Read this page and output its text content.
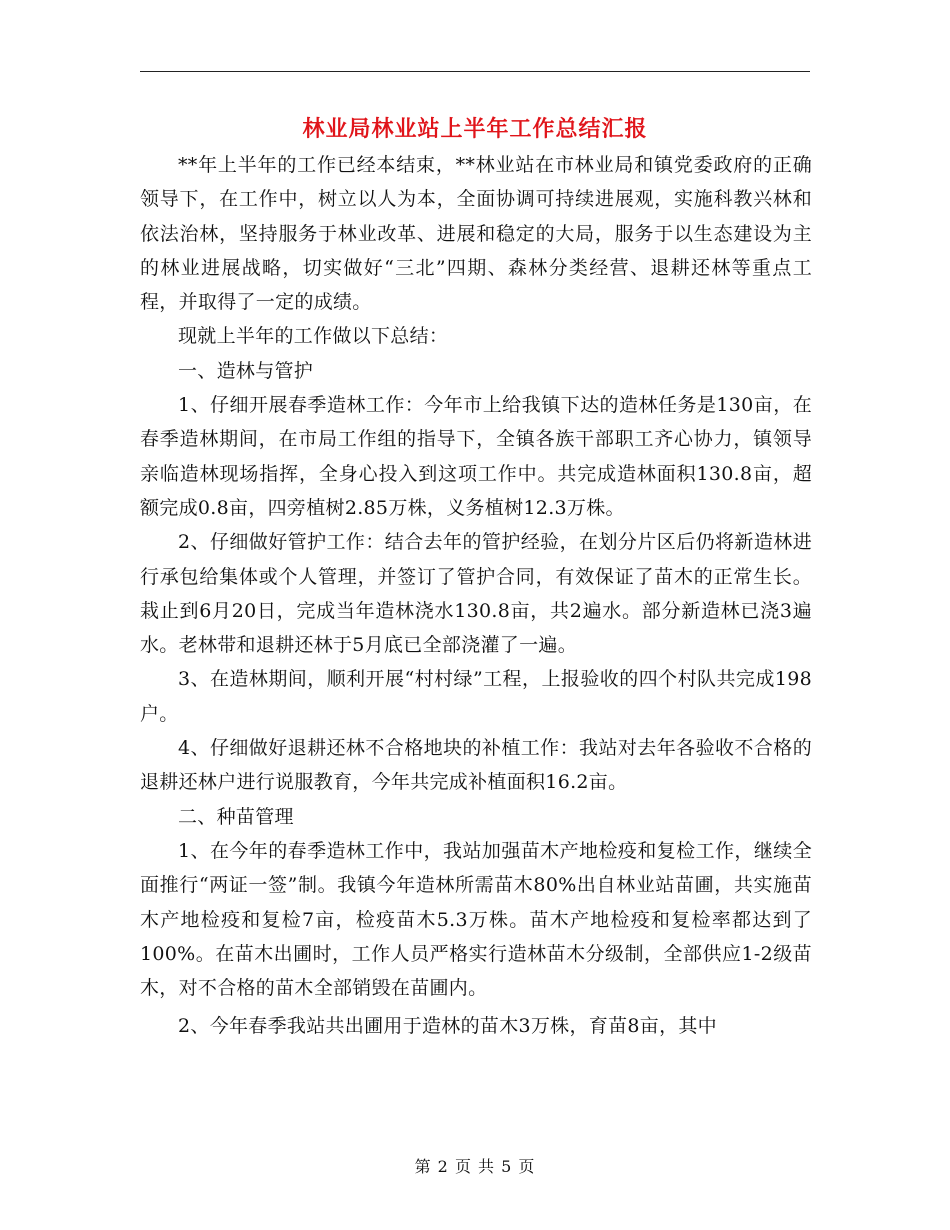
林业局林业站上半年工作总结汇报

**年上半年的工作已经本结束，**林业站在市林业局和镇党委政府的正确领导下，在工作中，树立以人为本，全面协调可持续进展观，实施科教兴林和依法治林，坚持服务于林业改革、进展和稳定的大局，服务于以生态建设为主的林业进展战略，切实做好“三北”四期、森林分类经营、退耕还林等重点工程，并取得了一定的成绩。

现就上半年的工作做以下总结：

一、造林与管护

1、仔细开展春季造林工作：今年市上给我镇下达的造林任务是130亩，在春季造林期间，在市局工作组的指导下，全镇各族干部职工齐心协力，镇领导亲临造林现场指挥，全身心投入到这项工作中。共完成造林面积130.8亩，超额完成0.8亩，四旁植树2.85万株，义务植树12.3万株。

2、仔细做好管护工作：结合去年的管护经验，在划分片区后仍将新造林进行承包给集体或个人管理，并签订了管护合同，有效保证了苗木的正常生长。栽止到6月20日，完成当年造林浇水130.8亩，共2遍水。部分新造林已浇3遍水。老林带和退耕还林于5月底已全部浇灌了一遍。

3、在造林期间，顺利开展“村村绿”工程，上报验收的四个村队共完成198户。

4、仔细做好退耕还林不合格地块的补植工作：我站对去年各验收不合格的退耕还林户进行说服教育，今年共完成补植面积16.2亩。

二、种苗管理

1、在今年的春季造林工作中，我站加强苗木产地检疫和复检工作，继续全面推行“两证一签”制。我镇今年造林所需苗木80%出自林业站苗圃，共实施苗木产地检疫和复检7亩，检疫苗木5.3万株。苗木产地检疫和复检率都达到了100%。在苗木出圃时，工作人员严格实行造林苗木分级制，全部供应1-2级苗木，对不合格的苗木全部销毁在苗圃内。

2、今年春季我站共出圃用于造林的苗木3万株，育苗8亩，其中

第 2 页 共 5 页
